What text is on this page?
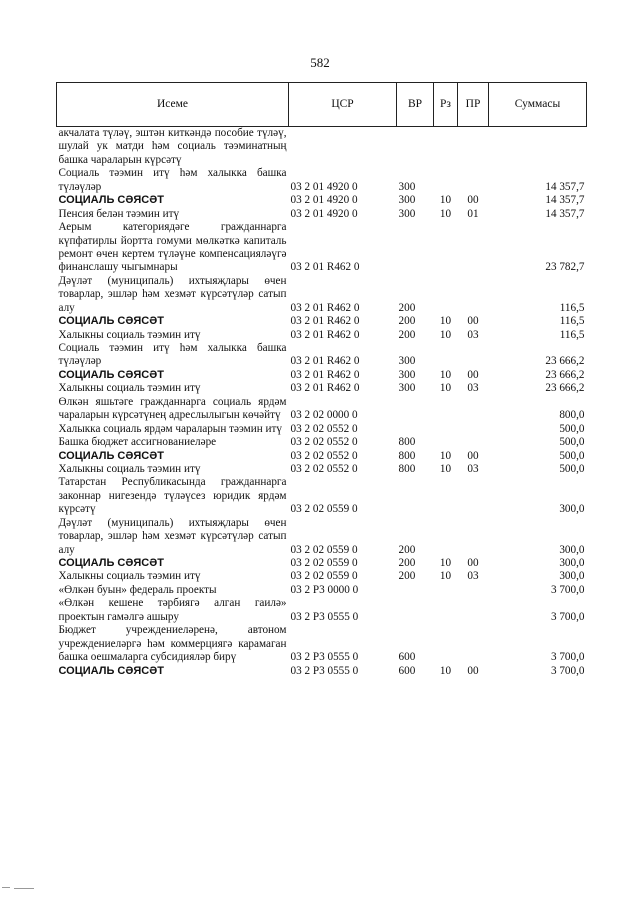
582
Исеме	ЦСР	ВР	Рз	ПР	Суммасы
акчалата түләү, эштән киткәндә пособие түләү, шулай ук матди һәм социаль тәэминатның башка чараларын күрсәтү					
Социаль тәэмин итү һәм халыкка башка түләүләр	03 2 01 4920 0	300			14 357,7
СОЦИАЛЬ СӘЯСӘТ	03 2 01 4920 0	300	10	00	14 357,7
Пенсия белән тәэмин итү	03 2 01 4920 0	300	10	01	14 357,7
Аерым категориядәге гражданнарга күпфатирлы йортта гомуми мөлкәткә капиталь ремонт өчен кертем түләүне компенсацияләүгә финанслашу чыгымнары	03 2 01 R462 0				23 782,7
Дәүләт (муниципаль) ихтыяҗлары өчен товарлар, эшләр һәм хезмәт күрсәтүләр сатып алу	03 2 01 R462 0	200			116,5
СОЦИАЛЬ СӘЯСӘТ	03 2 01 R462 0	200	10	00	116,5
Халыкны социаль тәэмин итү	03 2 01 R462 0	200	10	03	116,5
Социаль тәэмин итү һәм халыкка башка түләүләр	03 2 01 R462 0	300			23 666,2
СОЦИАЛЬ СӘЯСӘТ	03 2 01 R462 0	300	10	00	23 666,2
Халыкны социаль тәэмин итү	03 2 01 R462 0	300	10	03	23 666,2
Өлкән яшьтәге гражданнарга социаль ярдәм чараларын күрсәтүнең адреслылыгын көчәйтү	03 2 02 0000 0				800,0
Халыкка социаль ярдәм чараларын тәэмин итү	03 2 02 0552 0				500,0
Башка бюджет ассигнованиеләре	03 2 02 0552 0	800			500,0
СОЦИАЛЬ СӘЯСӘТ	03 2 02 0552 0	800	10	00	500,0
Халыкны социаль тәэмин итү	03 2 02 0552 0	800	10	03	500,0
Татарстан Республикасында гражданнарга законнар нигезендә түләүсез юридик ярдәм күрсәтү	03 2 02 0559 0				300,0
Дәүләт (муниципаль) ихтыяҗлары өчен товарлар, эшләр һәм хезмәт күрсәтүләр сатып алу	03 2 02 0559 0	200			300,0
СОЦИАЛЬ СӘЯСӘТ	03 2 02 0559 0	200	10	00	300,0
Халыкны социаль тәэмин итү	03 2 02 0559 0	200	10	03	300,0
«Өлкән буын» федераль проекты	03 2 P3 0000 0				3 700,0
«Өлкән кешене тәрбиягә алган гаилә» проектын гамәлгә ашыру	03 2 P3 0555 0				3 700,0
Бюджет учреждениеләренә, автоном учреждениеләргә һәм коммерциягә карамаган башка оешмаларга субсидияләр бирү	03 2 P3 0555 0	600			3 700,0
СОЦИАЛЬ СӘЯСӘТ	03 2 P3 0555 0	600	10	00	3 700,0
